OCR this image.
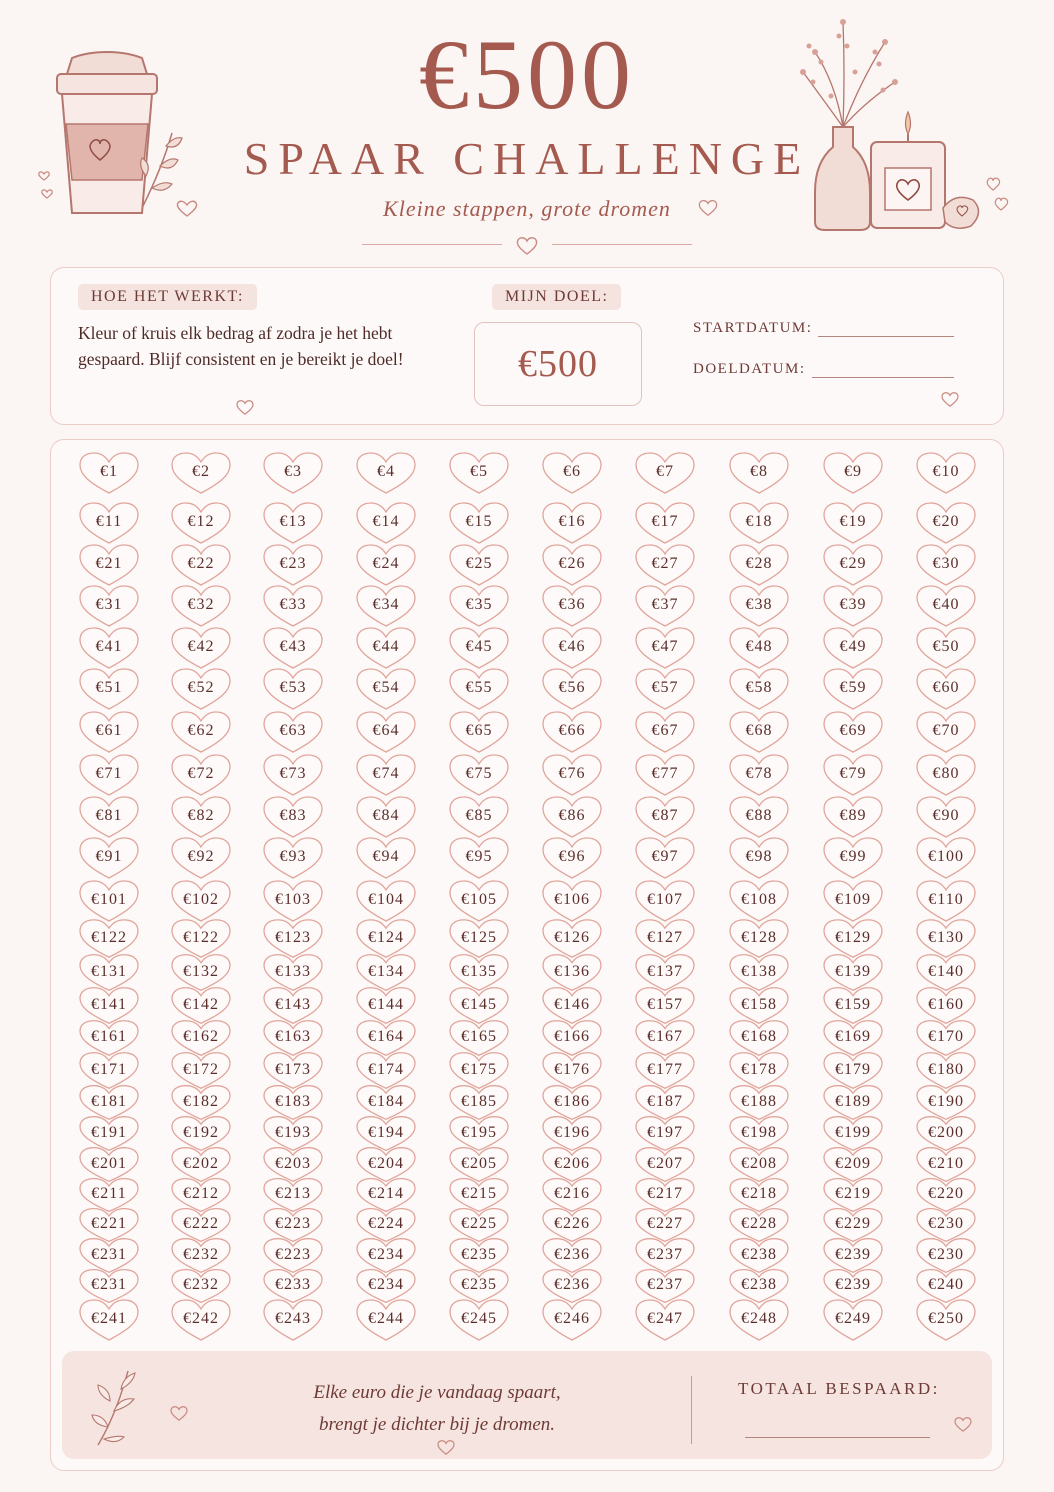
€500
SPAAR CHALLENGE
Kleine stappen, grote dromen
HOE HET WERKT:
Kleur of kruis elk bedrag af zodra je het hebt gespaard. Blijf consistent en je bereikt je doel!
MIJN DOEL:
€500
STARTDATUM:
DOELDATUM:
€1	€2	€3	€4	€5	€6	€7	€8	€9	€10
€11	€12	€13	€14	€15	€16	€17	€18	€19	€20
€21	€22	€23	€24	€25	€26	€27	€28	€29	€30
€31	€32	€33	€34	€35	€36	€37	€38	€39	€40
€41	€42	€43	€44	€45	€46	€47	€48	€49	€50
€51	€52	€53	€54	€55	€56	€57	€58	€59	€60
€61	€62	€63	€64	€65	€66	€67	€68	€69	€70
€71	€72	€73	€74	€75	€76	€77	€78	€79	€80
€81	€82	€83	€84	€85	€86	€87	€88	€89	€90
€91	€92	€93	€94	€95	€96	€97	€98	€99	€100
€101	€102	€103	€104	€105	€106	€107	€108	€109	€110
€122	€122	€123	€124	€125	€126	€127	€128	€129	€130
€131	€132	€133	€134	€135	€136	€137	€138	€139	€140
€141	€142	€143	€144	€145	€146	€157	€158	€159	€160
€161	€162	€163	€164	€165	€166	€167	€168	€169	€170
€171	€172	€173	€174	€175	€176	€177	€178	€179	€180
€181	€182	€183	€184	€185	€186	€187	€188	€189	€190
€191	€192	€193	€194	€195	€196	€197	€198	€199	€200
€201	€202	€203	€204	€205	€206	€207	€208	€209	€210
€211	€212	€213	€214	€215	€216	€217	€218	€219	€220
€221	€222	€223	€224	€225	€226	€227	€228	€229	€230
€231	€232	€223	€234	€235	€236	€237	€238	€239	€230
€231	€232	€233	€234	€235	€236	€237	€238	€239	€240
€241	€242	€243	€244	€245	€246	€247	€248	€249	€250
Elke euro die je vandaag spaart,
brengt je dichter bij je dromen.
TOTAAL BESPAARD:
